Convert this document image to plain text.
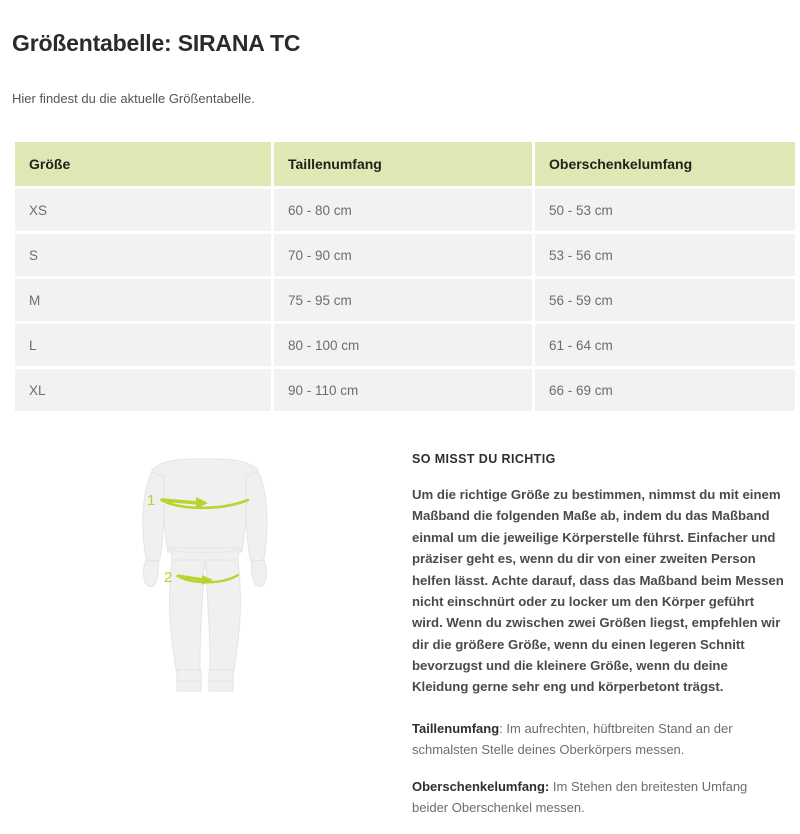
Größentabelle: SIRANA TC

Hier findest du die aktuelle Größentabelle.

Größe	Taillenumfang	Oberschenkelumfang
XS	60 - 80 cm	50 - 53 cm
S	70 - 90 cm	53 - 56 cm
M	75 - 95 cm	56 - 59 cm
L	80 - 100 cm	61 - 64 cm
XL	90 - 110 cm	66 - 69 cm
1
2
SO MISST DU RICHTIG

Um die richtige Größe zu bestimmen, nimmst du mit einem Maßband die folgenden Maße ab, indem du das Maßband einmal um die jeweilige Körperstelle führst. Einfacher und präziser geht es, wenn du dir von einer zweiten Person helfen lässt. Achte darauf, dass das Maßband beim Messen nicht einschnürt oder zu locker um den Körper geführt wird. Wenn du zwischen zwei Größen liegst, empfehlen wir dir die größere Größe, wenn du einen legeren Schnitt bevorzugst und die kleinere Größe, wenn du deine Kleidung gerne sehr eng und körperbetont trägst.

Taillenumfang: Im aufrechten, hüftbreiten Stand an der schmalsten Stelle deines Oberkörpers messen.

Oberschenkelumfang: Im Stehen den breitesten Umfang beider Oberschenkel messen.
